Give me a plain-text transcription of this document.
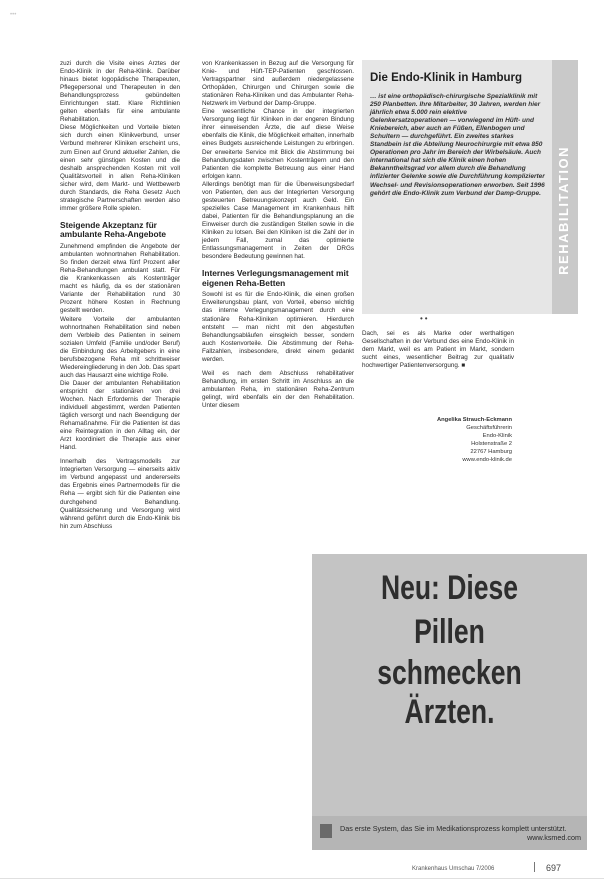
•••

zuzi durch die Visite eines Arztes der Endo-Klinik in der Reha-Klinik. Darüber hinaus bietet logopädische Therapeuten, Pflegepersonal und Therapeuten in den Behandlungsprozess gebündelten Einrichtungen statt. Klare Richtlinien gelten ebenfalls für eine ambulante Rehabilitation.

Diese Möglichkeiten und Vorteile bieten sich durch einen Klinikverbund, unser Verbund mehrerer Kliniken erscheint uns, zum Einen auf Grund aktueller Zahlen, die einen sehr günstigen Kosten und die deshalb ansprechenden Kosten mit voll Qualitätsvorteil in allen Reha-Kliniken sicher wird, dem Markt- und Wettbewerb durch Standards, die Reha Gesetz Auch strategische Partnerschaften werden also immer größere Rolle spielen.

Steigende Akzeptanz für ambulante Reha-Angebote

Zunehmend empfinden die Angebote der ambulanten wohnortnahen Rehabilitation. So finden derzeit etwa fünf Prozent aller Reha-Behandlungen ambulant statt. Für die Krankenkassen als Kostenträger macht es häufig, da es der stationären Variante der Rehabilitation rund 30 Prozent höhere Kosten in Rechnung gestellt werden.

Weitere Vorteile der ambulanten wohnortnahen Rehabilitation sind neben dem Verbleib des Patienten in seinem sozialen Umfeld (Familie und/oder Beruf) die Einbindung des Arbeitgebers in eine berufsbezogene Reha mit schrittweiser Wiedereingliederung in den Job. Das spart auch das Hausarzt eine wichtige Rolle.

Die Dauer der ambulanten Rehabilitation entspricht der stationären von drei Wochen. Nach Erfordernis der Therapie individuell abgestimmt, werden Patienten täglich versorgt und nach Beendigung der Rehamaßnahme. Für die Patienten ist das eine Reintegration in den Alltag ein, der Arzt koordiniert die Therapie aus einer Hand.

Innerhalb des Vertragsmodells zur Integrierten Versorgung — einerseits aktiv im Verbund angepasst und andererseits das Ergebnis eines Partnermodells für die Reha — ergibt sich für die Patienten eine durchgehend Behandlung. Qualitätssicherung und Versorgung wird während geführt durch die Endo-Klinik bis hin zum Abschluss

von Krankenkassen in Bezug auf die Versorgung für Knie- und Hüft-TEP-Patienten geschlossen. Vertragspartner sind außerdem niedergelassene Orthopäden, Chirurgen und Chirurgen sowie die stationären Reha-Kliniken und das Ambulanter Reha-Netzwerk im Verbund der Damp-Gruppe.

Eine wesentliche Chance in der integrierten Versorgung liegt für Kliniken in der engeren Bindung ihrer einweisenden Ärzte, die auf diese Weise ebenfalls die Klinik, die Möglichkeit erhalten, innerhalb eines Budgets ausreichende Leistungen zu erbringen. Der erweiterte Service mit Blick die Abstimmung bei Behandlungsdaten zwischen Kostenträgern und den Patienten die komplette Betreuung aus einer Hand erfolgen kann.

Allerdings benötigt man für die Überweisungsbedarf von Patienten, den aus der Integrierten Versorgung gesteuerten Betreuungskonzept auch Geld. Ein spezielles Case Management im Krankenhaus hilft dabei, Patienten für die Behandlungsplanung an die Einweiser durch die zuständigen Stellen sowie in die Kliniken zu lotsen. Bei den Kliniken ist die Zahl der in jedem Fall, zumal das optimierte Entlassungsmanagement in Zeiten der DRGs besondere Bedeutung gewinnen hat.

Internes Verlegungsmanagement mit eigenen Reha-Betten

Sowohl ist es für die Endo-Klinik, die einen großen Erweiterungsbau plant, von Vorteil, ebenso wichtig das interne Verlegungsmanagement durch eine stationäre Reha-Kliniken optimieren. Hierdurch entsteht — man nicht mit den abgestuften Behandlungsabläufen einsgleich besser, sondern auch Kostenvorteile. Die Abstimmung der Reha-Fallzahlen, insbesondere, direkt einem gedankt werden.

Weil es nach dem Abschluss rehabilitativer Behandlung, im ersten Schritt im Anschluss an die ambulanten Reha, im stationären Reha-Zentrum gelingt, wird ebenfalls ein der den Rehabilitation. Unter diesem

Die Endo-Klinik in Hamburg

… ist eine orthopädisch-chirurgische Spezialklinik mit 250 Planbetten. Ihre Mitarbeiter, 30 Jahren, werden hier jährlich etwa 5.000 rein elektive Gelenkersatzoperationen — vorwiegend im Hüft- und Kniebereich, aber auch an Füßen, Ellenbogen und Schultern — durchgeführt. Ein zweites starkes Standbein ist die Abteilung Neurochirurgie mit etwa 850 Operationen pro Jahr im Bereich der Wirbelsäule. Auch international hat sich die Klinik einen hohen Bekanntheitsgrad vor allem durch die Behandlung infizierter Gelenke sowie die Durchführung komplizierter Wechsel- und Revisionsoperationen erworben. Seit 1996 gehört die Endo-Klinik zum Verbund der Damp-Gruppe.	REHABILITATION
••

Dach, sei es als Marke oder werthaltigen Gesellschaften in der Verbund des eine Endo-Klinik in dem Markt, weil es am Patient im Markt, sondern sucht eines, wesentlicher Beitrag zur qualitativ hochwertiger Patientenversorgung. ■

Angelika Strauch-Eckmann
Geschäftsführerin
Endo-Klinik
Holstenstraße 2
22767 Hamburg
www.endo-klinik.de
Neu: Diese Pillen
schmecken Ärzten.
Das erste System, das Sie im Medikationsprozess komplett unterstützt.
www.ksmed.com
Krankenhaus Umschau 7/2006	697
